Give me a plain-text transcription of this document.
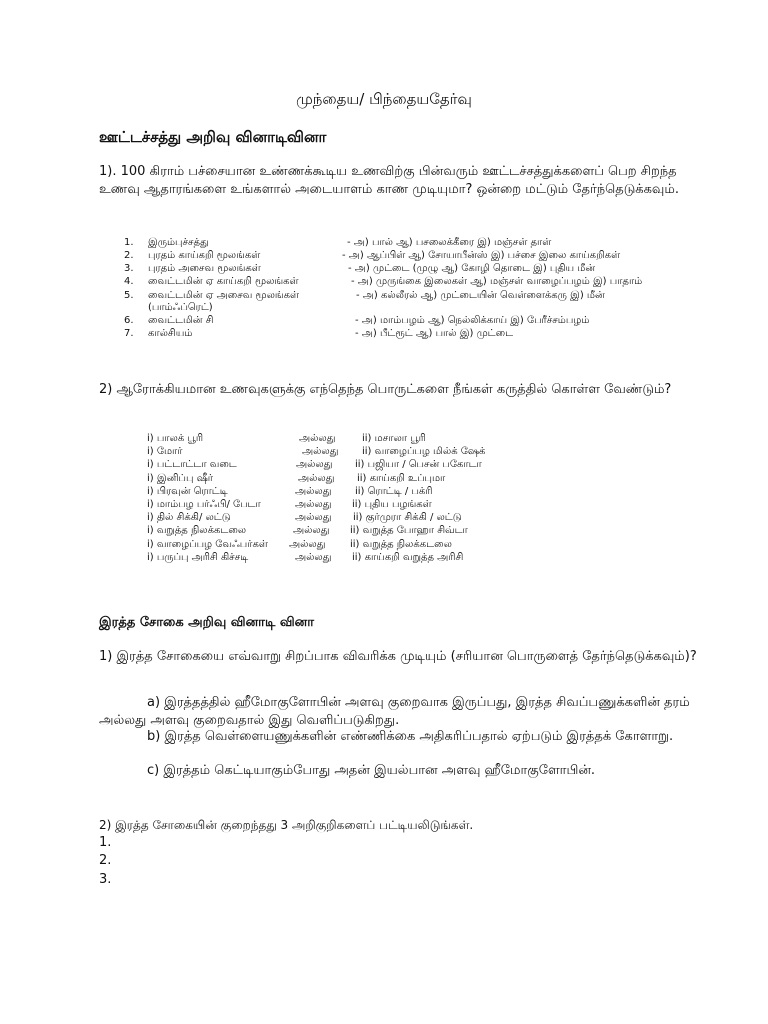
முந்தைய/ பிந்தையதேர்வு
ஊட்டச்சத்து அறிவு வினாடிவினா
1). 100 கிராம் பச்சையான உண்ணக்கூடிய உணவிற்கு பின்வரும் ஊட்டச்சத்துக்களைப் பெற சிறந்த உணவு ஆதாரங்களை உங்களால் அடையாளம் காண முடியுமா? ஒன்றை மட்டும் தேர்ந்தெடுக்கவும்.
1. இரும்புச்சத்து	- அ) பால் ஆ) பசலைக்கீரை இ) மஞ்சள் தாள்
2. புரதம் காய்கறி மூலங்கள்	- அ) ஆப்பிள் ஆ) சோயாபீன்ஸ் இ) பச்சை இலை காய்கறிகள்
3. புரதம் அசைவ மூலங்கள்	- அ) முட்டை (முழு ஆ) கோழி தொடை இ) புதிய மீன்
4. வைட்டமின் ஏ காய்கறி மூலங்கள்	- அ) முருங்கை இலைகள் ஆ) மஞ்சள் வாழைப்பழம் இ) பாதாம்
5. வைட்டமின் ஏ அசைவ மூலங்கள்	- அ) கல்லீரல் ஆ) முட்டையின் வெள்ளைக்கரு இ) மீன்
(பாம்ஃப்ரெட்)
6. வைட்டமின் சி	- அ) மாம்பழம் ஆ) நெல்லிக்காய் இ) பேரீச்சம்பழம்
7. கால்சியம்	- அ) பீட்ரூட் ஆ) பால் இ) முட்டை
2) ஆரோக்கியமான உணவுகளுக்கு எந்தெந்த பொருட்களை நீங்கள் கருத்தில் கொள்ள வேண்டும்?
i) பாலக் பூரி	அல்லது	ii) மசாலா பூரி
i) மோர்	அல்லது ii) வாழைப்பழ மில்க் ஷேக்
i) பட்டாட்டா வடை	அல்லது ii) பஜியா / பெசன் பகோடா
i) இனிப்பு ஷீர்	அல்லது ii) காய்கறி உப்புமா
i) பிரவுன் ரொட்டி	அல்லது ii) ரொட்டி / பக்ரி
i) மாம்பழ பர்ஃபி/ பேடா	அல்லது ii) புதிய பழங்கள்
i) தில் சிக்கி/ லட்டு	அல்லது ii) குர்முரா சிக்கி / லட்டு
i) வறுத்த நிலக்கடலை	அல்லது ii) வறுத்த போஹா சிவ்டா
i) வாழைப்பழ வேஃபர்கள் அல்லது ii) வறுத்த நிலக்கடலை
i) பருப்பு அரிசி கிச்சடி	அல்லது ii) காய்கறி வறுத்த அரிசி
இரத்த சோகை அறிவு வினாடி வினா
1) இரத்த சோகையை எவ்வாறு சிறப்பாக விவரிக்க முடியும் (சரியான பொருளைத் தேர்ந்தெடுக்கவும்)?
a) இரத்தத்தில் ஹீமோகுளோபின் அளவு குறைவாக இருப்பது, இரத்த சிவப்பணுக்களின் தரம் அல்லது அளவு குறைவதால் இது வெளிப்படுகிறது.
b) இரத்த வெள்ளையணுக்களின் எண்ணிக்கை அதிகரிப்பதால் ஏற்படும் இரத்தக் கோளாறு.
c) இரத்தம் கெட்டியாகும்போது அதன் இயல்பான அளவு ஹீமோகுளோபின்.
2) இரத்த சோகையின் குறைந்தது 3 அறிகுறிகளைப் பட்டியலிடுங்கள்.
1.
2.
3.
